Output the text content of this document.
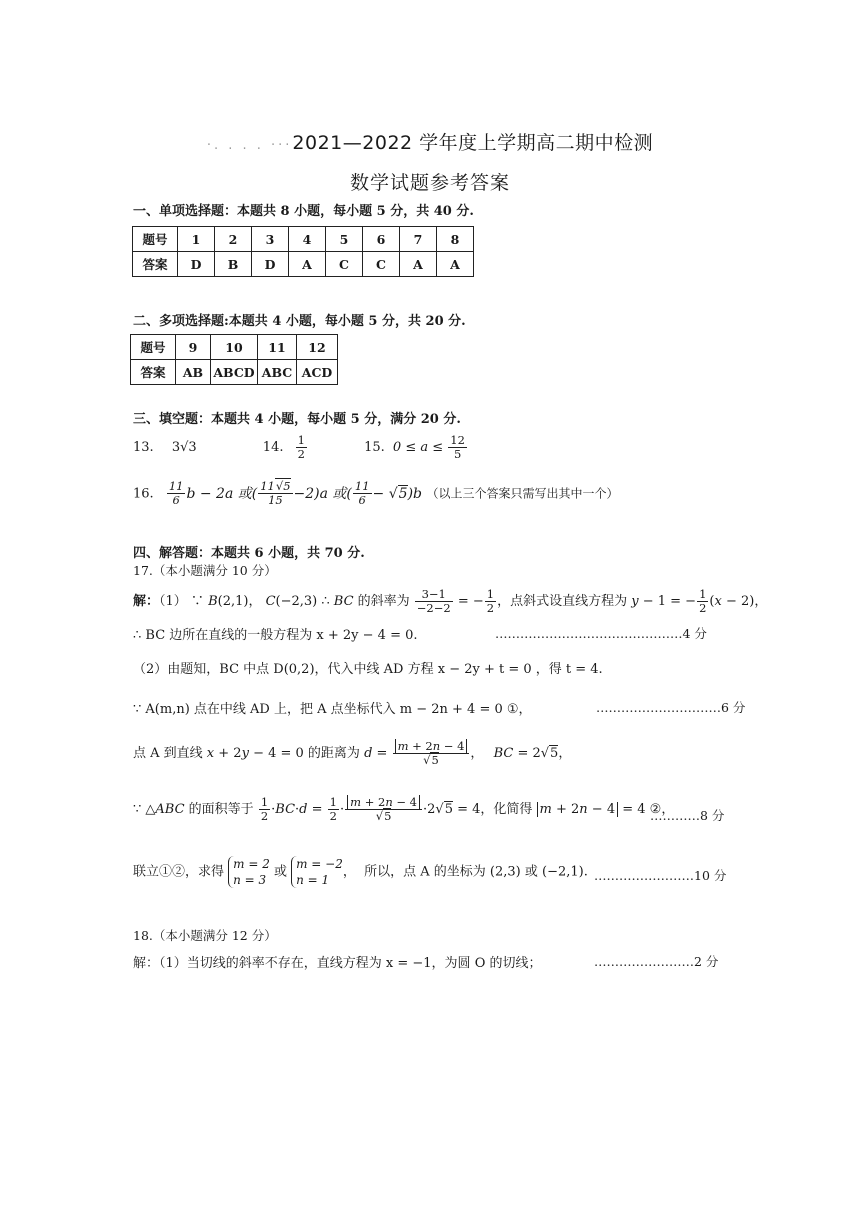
·. . . . ···2021—2022 学年度上学期高二期中检测
数学试题参考答案
一、单项选择题：本题共 8 小题，每小题 5 分，共 40 分.
题号	1	2	3	4	5	6	7	8
答案	D	B	D	A	C	C	A	A
二、多项选择题:本题共 4 小题，每小题 5 分，共 20 分.
题号	9	10	11	12
答案	AB	ABCD	ABC	ACD
三、填空题：本题共 4 小题，每小题 5 分，满分 20 分.
13. 3√3	14. $\frac{1}{2}$	15. $0 \le a \le \frac{12}{5}$
16. $\frac{11}{6}$ b − 2a 或( $\frac{11√5}{15} -2)a$ 或( $\frac{11}{6} - √5)b$ （以上三个答案只需写出其中一个）
四、解答题：本题共 6 小题，共 70 分.
17.（本小题满分 10 分）
解：（1） ∵ B(2,1)， C(−2,3) ∴ BC 的斜率为 $\frac{3-1}{-2-2}$ = − $\frac{1}{2}$ ，点斜式设直线方程为 y − 1 = − $\frac{1}{2} (x - 2)$，
∴ BC 边所在直线的一般方程为 x + 2y − 4 = 0.	………………………………………4 分
（2）由题知，BC 中点 D(0,2)，代入中线 AD 方程 x − 2y + t = 0 ，得 t = 4.
∵ A(m,n) 点在中线 AD 上，把 A 点坐标代入 m − 2n + 4 = 0 ①，	…………………………6 分
点 A 到直线 x + 2y − 4 = 0 的距离为 $d = \frac{m + 2n - 4}{√5}$ ， BC = 2√5，
∵ △ABC 的面积等于 $\frac{1}{2} \cdot BC\cdot d = \frac{1}{2} \cdot \frac{m + 2n - 4}{√5} \cdot 2√5 = 4$，化简得 m + 2n − 4 = 4 ②，
…………8 分
联立①②，求得
m = 2
n = 3
或
m = −2
n = 1
，  所以，点 A 的坐标为 (2,3) 或 (−2,1). ……………………10 分
18.（本小题满分 12 分）
解：（1）当切线的斜率不存在，直线方程为 x = −1，为圆 O 的切线；	……………………2 分
